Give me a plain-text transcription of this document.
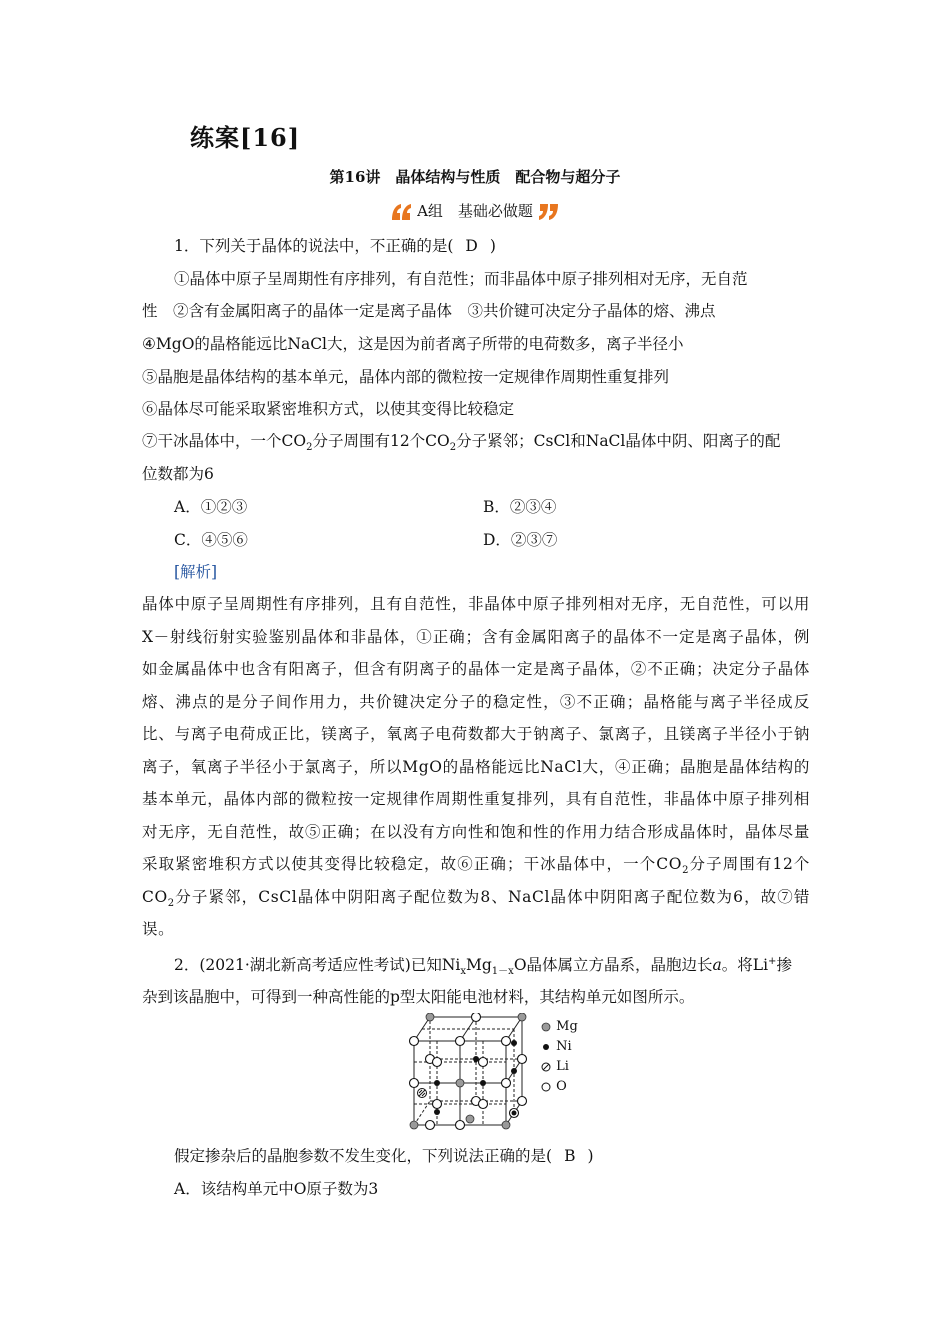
练案[16]
第16讲　晶体结构与性质　配合物与超分子
A组　基础必做题
1．下列关于晶体的说法中，不正确的是( D )
①晶体中原子呈周期性有序排列，有自范性；而非晶体中原子排列相对无序，无自范
性　②含有金属阳离子的晶体一定是离子晶体　③共价键可决定分子晶体的熔、沸点
④MgO的晶格能远比NaCl大，这是因为前者离子所带的电荷数多，离子半径小
⑤晶胞是晶体结构的基本单元，晶体内部的微粒按一定规律作周期性重复排列
⑥晶体尽可能采取紧密堆积方式，以使其变得比较稳定
⑦干冰晶体中，一个$CO_2$分子周围有12个$CO_2$分子紧邻；CsCl和NaCl晶体中阴、阳离子的配
位数都为6
A．①②③	B．②③④
C．④⑤⑥	D．②③⑦
[解析]
晶体中原子呈周期性有序排列，且有自范性，非晶体中原子排列相对无序，无自范性，可以用X－射线衍射实验鉴别晶体和非晶体，①正确；含有金属阳离子的晶体不一定是离子晶体，例如金属晶体中也含有阳离子，但含有阴离子的晶体一定是离子晶体，②不正确；决定分子晶体熔、沸点的是分子间作用力，共价键决定分子的稳定性，③不正确；晶格能与离子半径成反比、与离子电荷成正比，镁离子，氧离子电荷数都大于钠离子、氯离子，且镁离子半径小于钠离子，氧离子半径小于氯离子，所以MgO的晶格能远比NaCl大，④正确；晶胞是晶体结构的基本单元，晶体内部的微粒按一定规律作周期性重复排列，具有自范性，非晶体中原子排列相对无序，无自范性，故⑤正确；在以没有方向性和饱和性的作用力结合形成晶体时，晶体尽量采取紧密堆积方式以使其变得比较稳定，故⑥正确；干冰晶体中，一个$CO_2$分子周围有12个$CO_2$分子紧邻，CsCl晶体中阴阳离子配位数为8、NaCl晶体中阴阳离子配位数为6，故⑦错误。
2．(2021·湖北新高考适应性考试)已知$Ni_xMg_{1-x}O$晶体属立方晶系，晶胞边长a。将Li+掺
杂到该晶胞中，可得到一种高性能的p型太阳能电池材料，其结构单元如图所示。
Mg
Ni
Li
O
假定掺杂后的晶胞参数不发生变化，下列说法正确的是( B )
A．该结构单元中O原子数为3
